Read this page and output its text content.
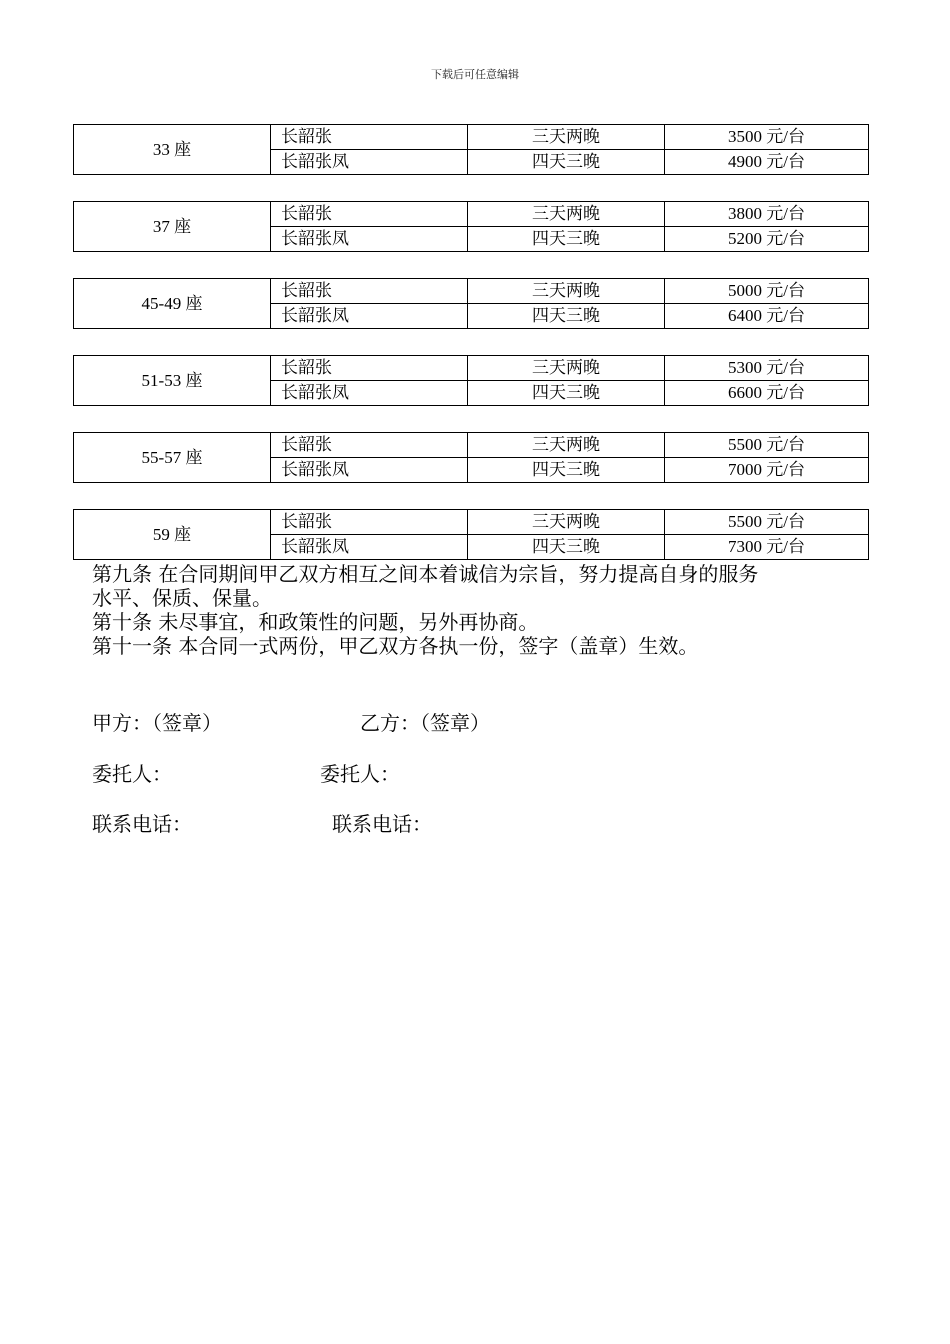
下载后可任意编辑
33 座	长韶张	三天两晚	3500 元/台
	长韶张凤	四天三晚	4900 元/台
37 座	长韶张	三天两晚	3800 元/台
	长韶张凤	四天三晚	5200 元/台
45-49 座	长韶张	三天两晚	5000 元/台
	长韶张凤	四天三晚	6400 元/台
51-53 座	长韶张	三天两晚	5300 元/台
	长韶张凤	四天三晚	6600 元/台
55-57 座	长韶张	三天两晚	5500 元/台
	长韶张凤	四天三晚	7000 元/台
59 座	长韶张	三天两晚	5500 元/台
	长韶张凤	四天三晚	7300 元/台

第九条 在合同期间甲乙双方相互之间本着诚信为宗旨，努力提高自身的服务

水平、保质、保量。

第十条 未尽事宜，和政策性的问题，另外再协商。

第十一条 本合同一式两份，甲乙双方各执一份，签字（盖章）生效。

甲方：（签章）	乙方：（签章）
委托人：	委托人：
联系电话：	联系电话：
